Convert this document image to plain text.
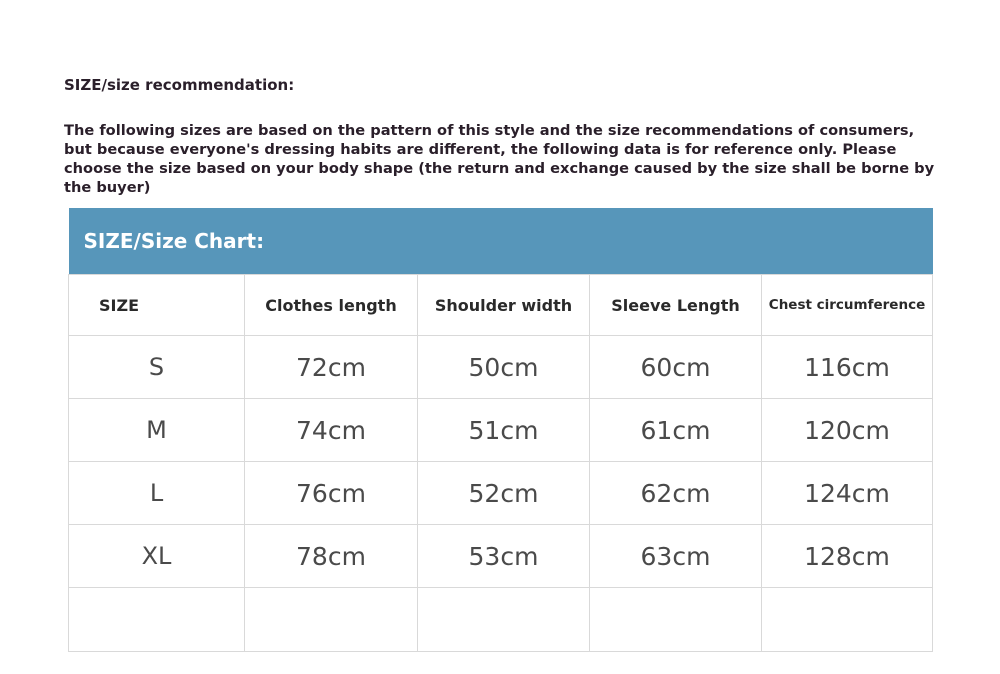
SIZE/size recommendation:
The following sizes are based on the pattern of this style and the size recommendations of consumers, but because everyone's dressing habits are different, the following data is for reference only. Please choose the size based on your body shape (the return and exchange caused by the size shall be borne by the buyer)
SIZE/Size Chart:				
SIZE	Clothes length	Shoulder width	Sleeve Length	Chest circumference
S	72cm	50cm	60cm	116cm
M	74cm	51cm	61cm	120cm
L	76cm	52cm	62cm	124cm
XL	78cm	53cm	63cm	128cm
